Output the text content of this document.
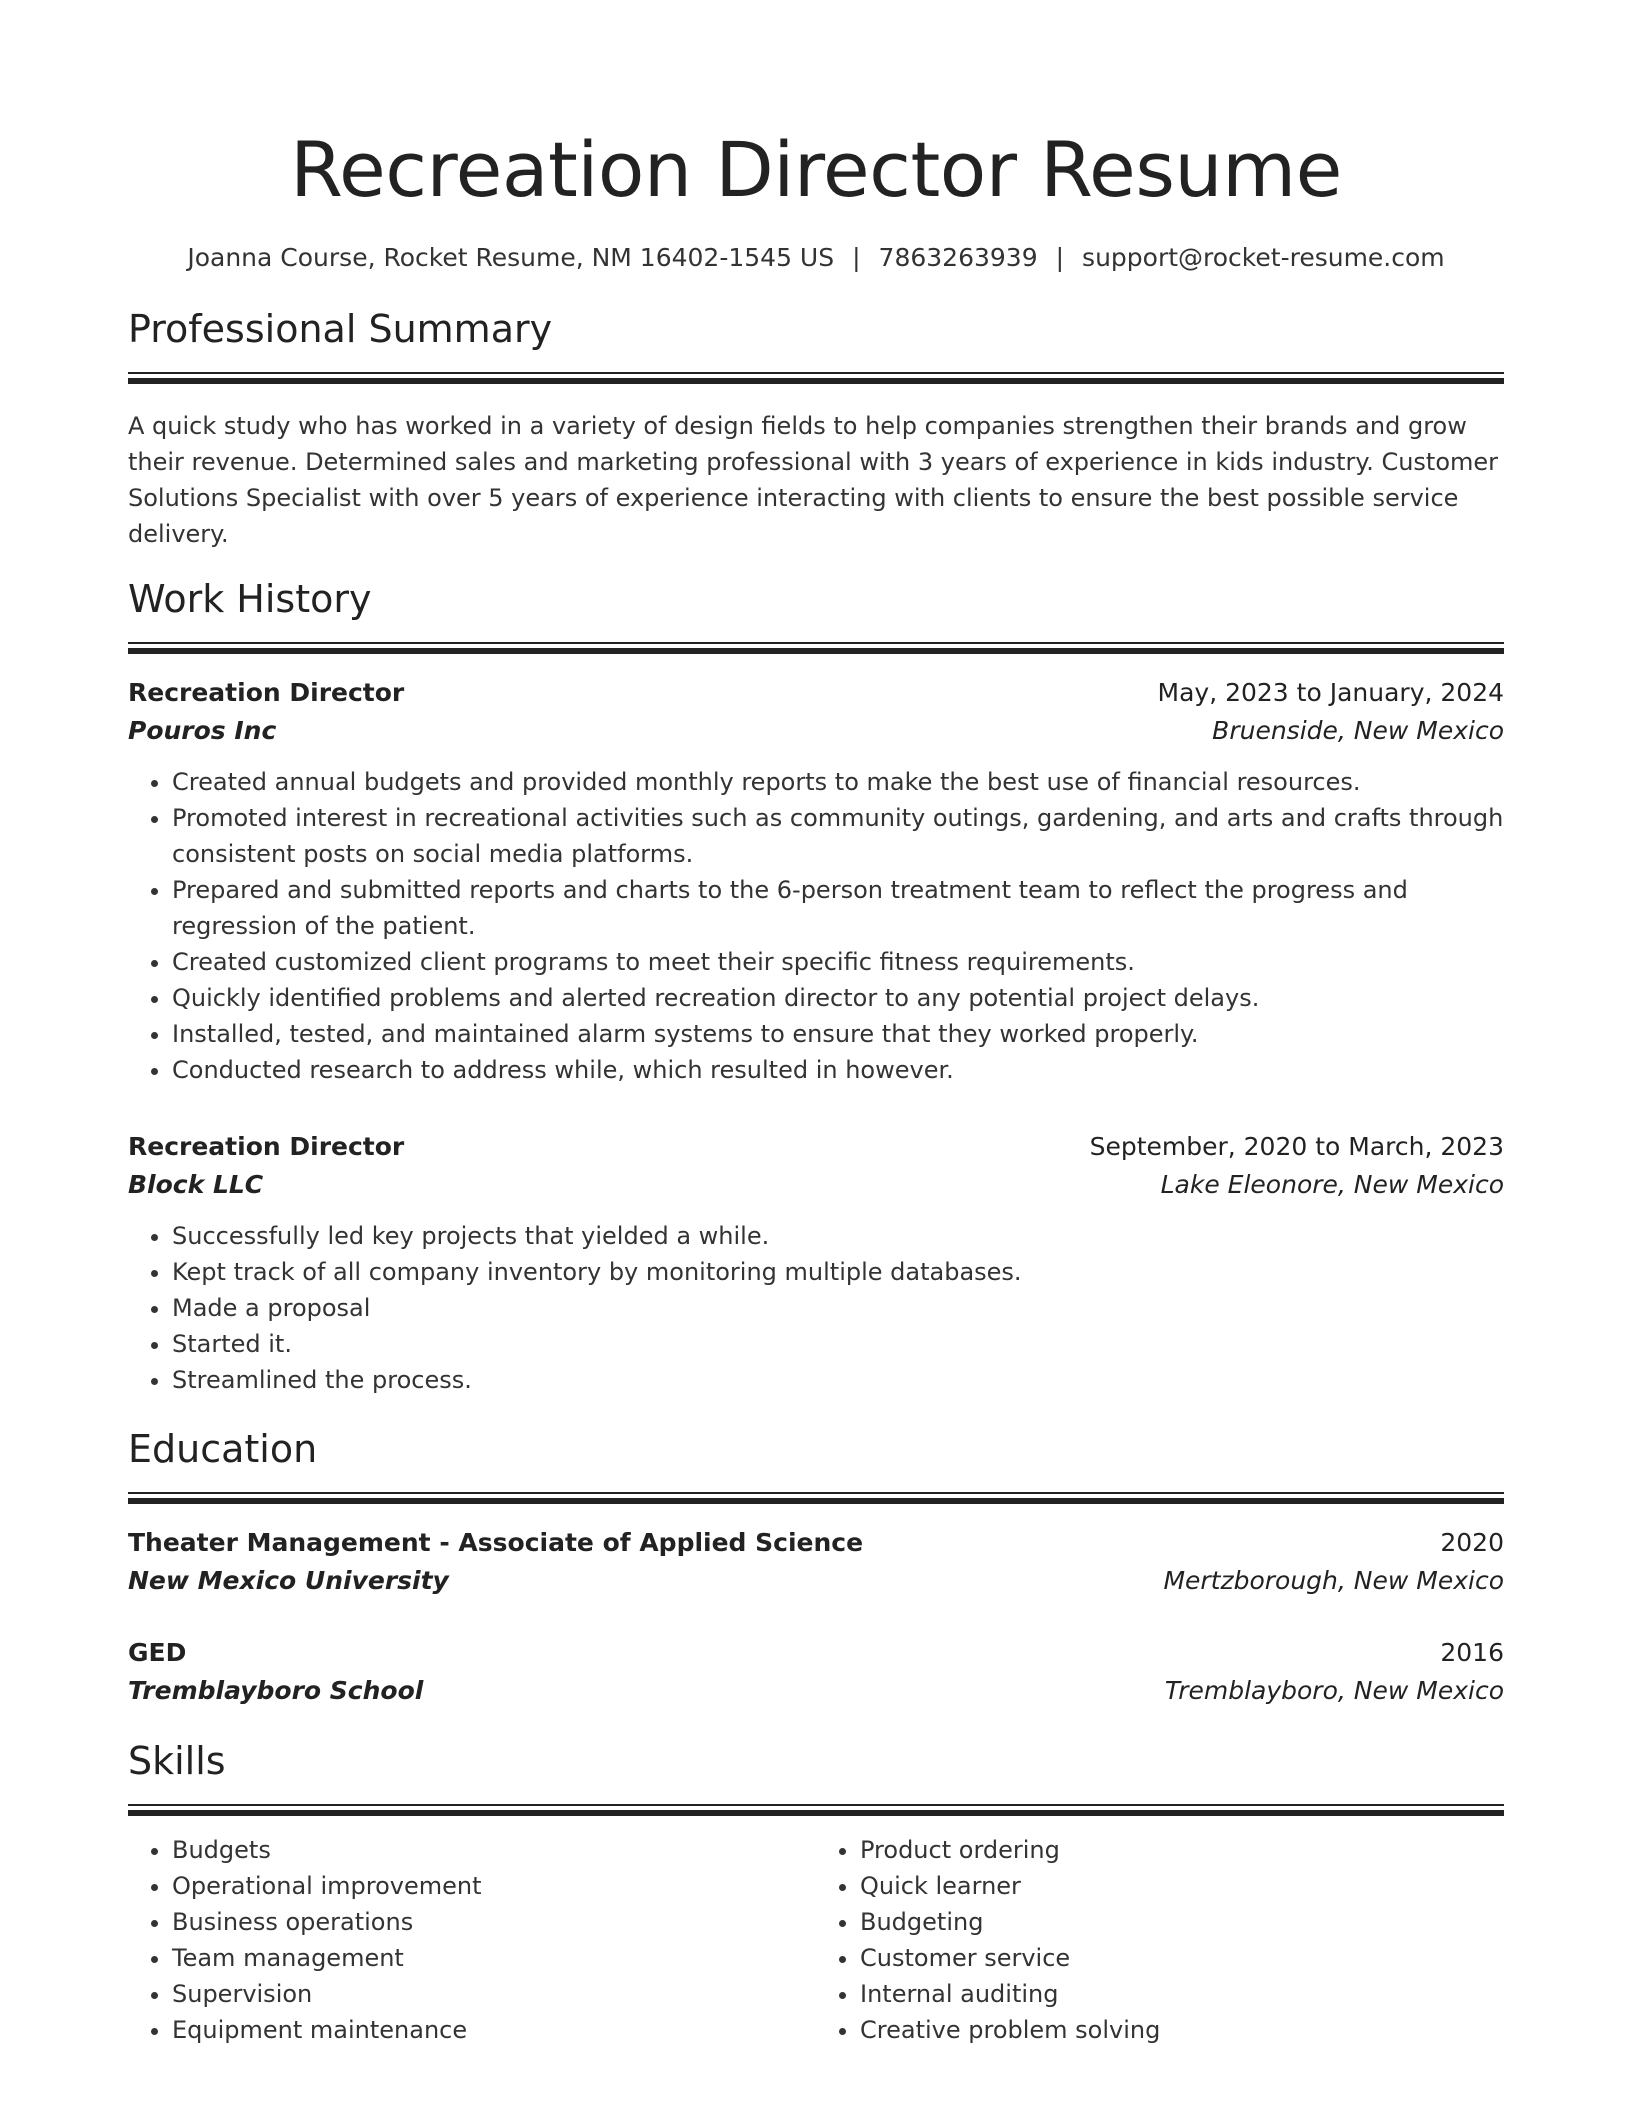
Recreation Director Resume
Joanna Course, Rocket Resume, NM 16402-1545 US | 7863263939 | support@rocket-resume.com
Professional Summary
A quick study who has worked in a variety of design fields to help companies strengthen their brands and grow their revenue. Determined sales and marketing professional with 3 years of experience in kids industry. Customer Solutions Specialist with over 5 years of experience interacting with clients to ensure the best possible service delivery.
Work History
Recreation Director	May, 2023 to January, 2024
Pouros Inc	Bruenside, New Mexico
• Created annual budgets and provided monthly reports to make the best use of financial resources.
• Promoted interest in recreational activities such as community outings, gardening, and arts and crafts through consistent posts on social media platforms.
• Prepared and submitted reports and charts to the 6-person treatment team to reflect the progress and regression of the patient.
• Created customized client programs to meet their specific fitness requirements.
• Quickly identified problems and alerted recreation director to any potential project delays.
• Installed, tested, and maintained alarm systems to ensure that they worked properly.
• Conducted research to address while, which resulted in however.
Recreation Director	September, 2020 to March, 2023
Block LLC	Lake Eleonore, New Mexico
• Successfully led key projects that yielded a while.
• Kept track of all company inventory by monitoring multiple databases.
• Made a proposal
• Started it.
• Streamlined the process.
Education
Theater Management - Associate of Applied Science	2020
New Mexico University	Mertzborough, New Mexico
GED	2016
Tremblayboro School	Tremblayboro, New Mexico
Skills
• Budgets
• Operational improvement
• Business operations
• Team management
• Supervision
• Equipment maintenance
• Product ordering
• Quick learner
• Budgeting
• Customer service
• Internal auditing
• Creative problem solving
